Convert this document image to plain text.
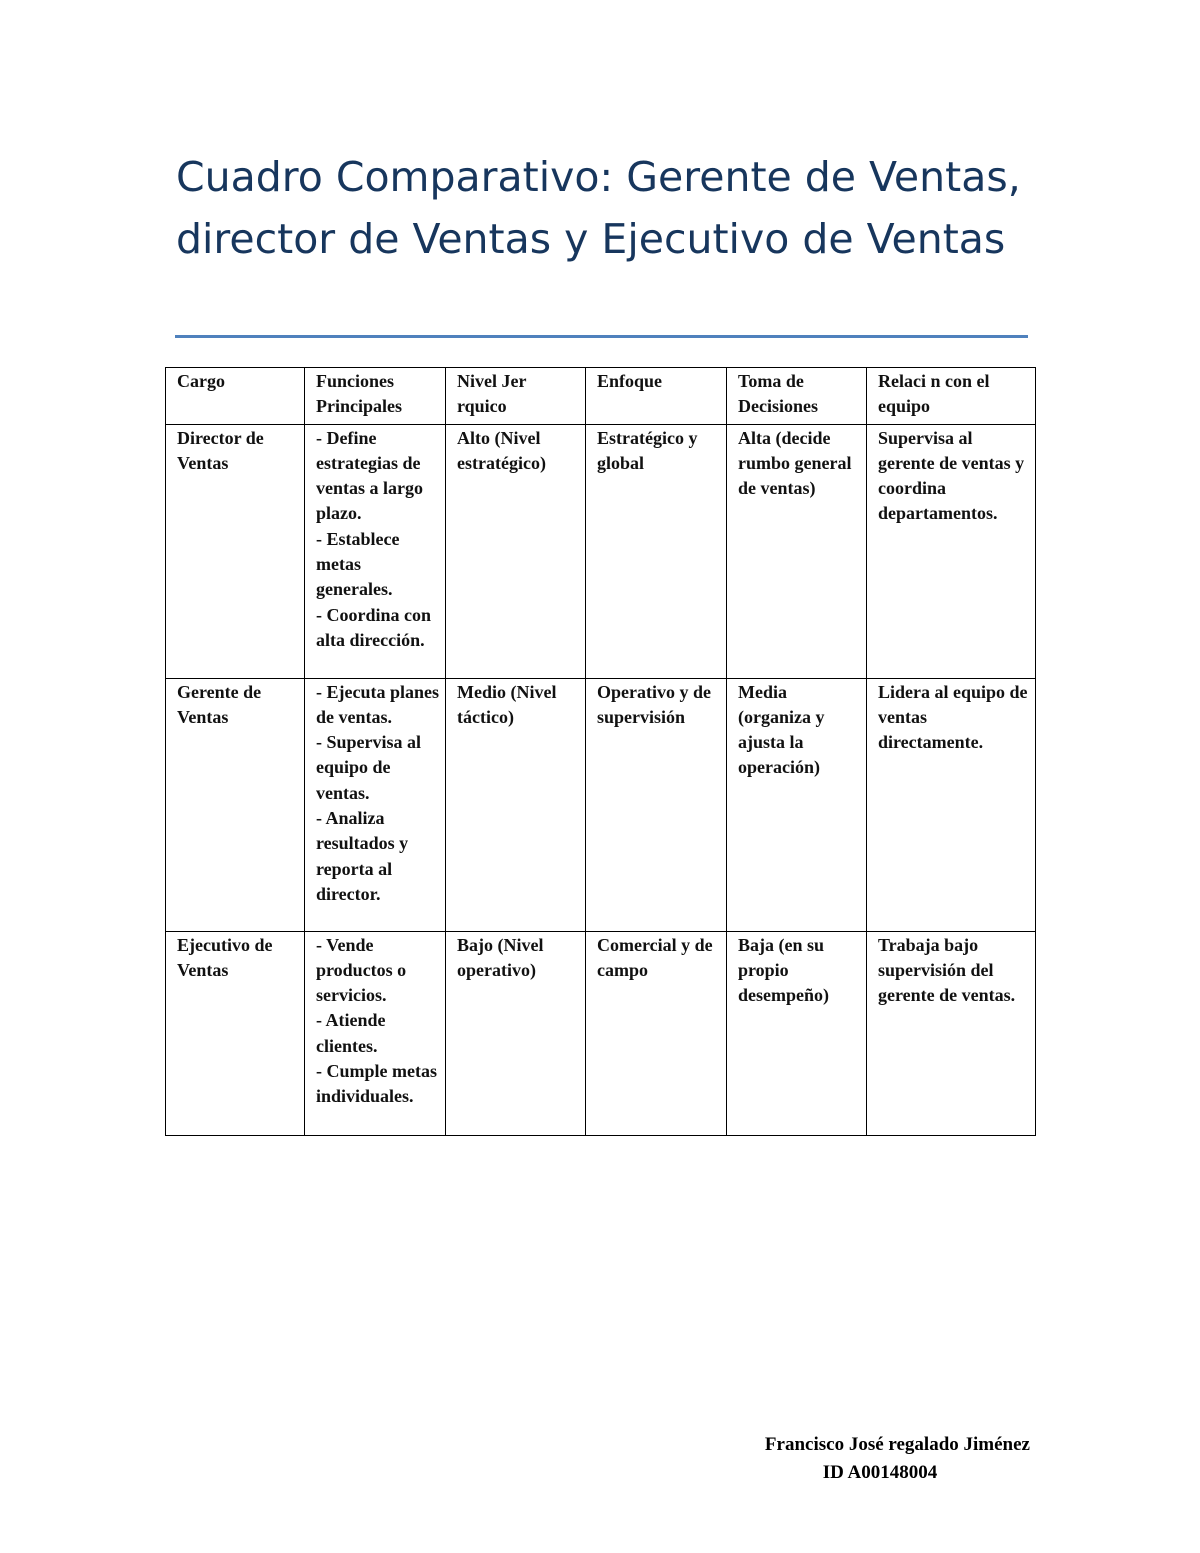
Cuadro Comparativo: Gerente de Ventas, director de Ventas y Ejecutivo de Ventas
Cargo	Funciones Principales	Nivel Jer rquico	Enfoque	Toma de Decisiones	Relaci n con el equipo
Director de Ventas	- Define estrategias de ventas a largo plazo.
- Establece metas generales.
- Coordina con alta dirección.	Alto (Nivel estratégico)	Estratégico y global	Alta (decide rumbo general de ventas)	Supervisa al gerente de ventas y coordina departamentos.
Gerente de Ventas	- Ejecuta planes de ventas.
- Supervisa al equipo de ventas.
- Analiza resultados y reporta al director.	Medio (Nivel táctico)	Operativo y de supervisión	Media (organiza y ajusta la operación)	Lidera al equipo de ventas directamente.
Ejecutivo de Ventas	- Vende productos o servicios.
- Atiende clientes.
- Cumple metas individuales.	Bajo (Nivel operativo)	Comercial y de campo	Baja (en su propio desempeño)	Trabaja bajo supervisión del gerente de ventas.
Francisco José regalado Jiménez
ID A00148004
